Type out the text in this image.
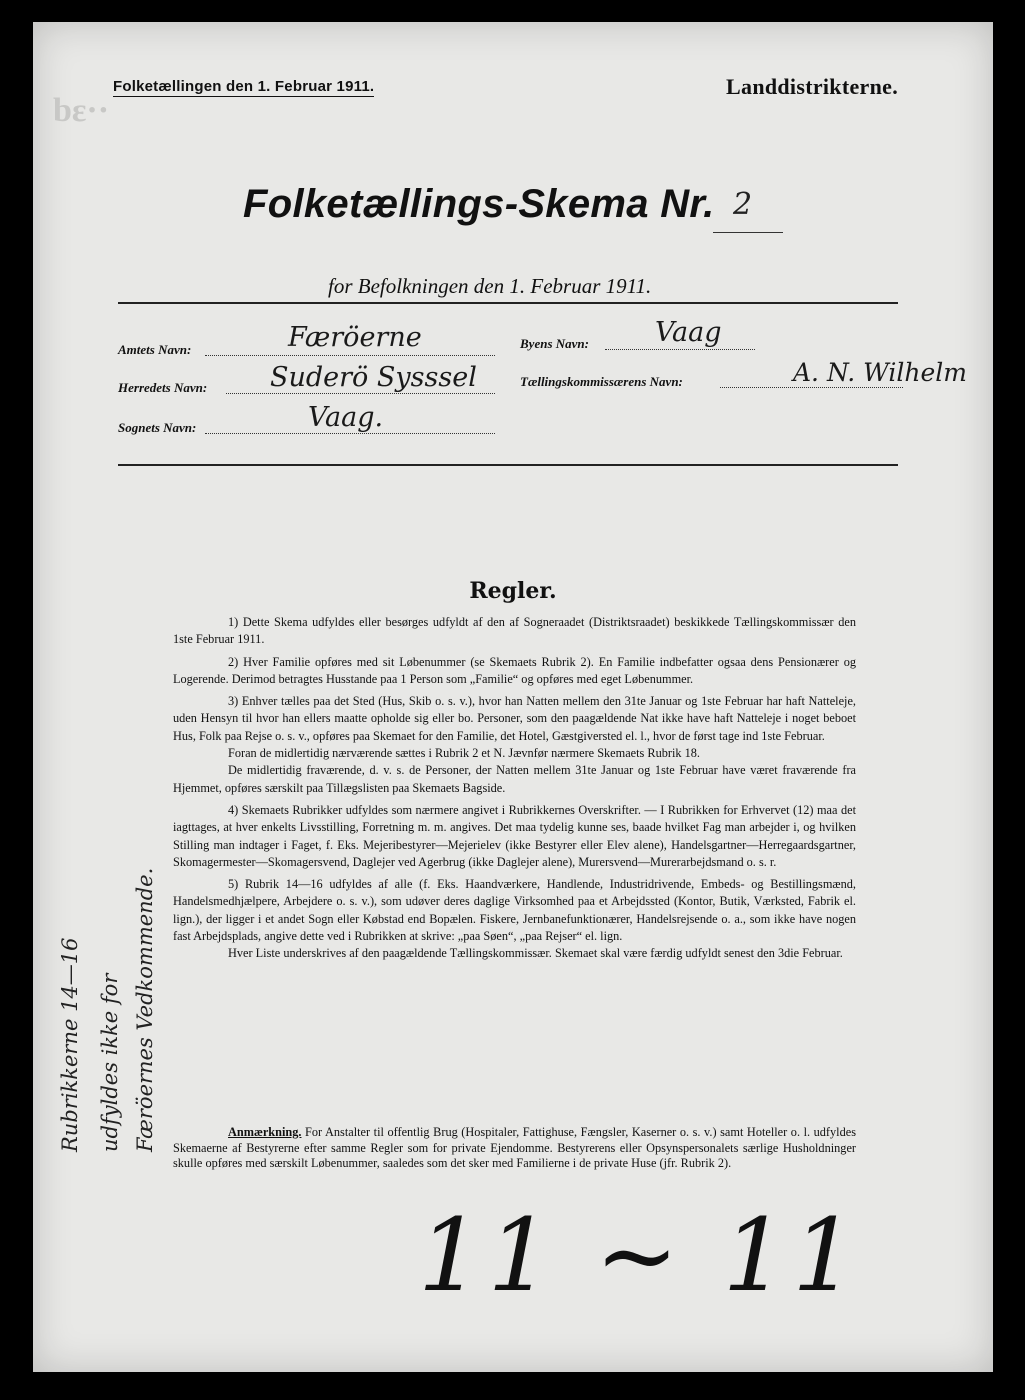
bε··
Folketællingen den 1. Februar 1911.	Landdistrikterne.
Folketællings-Skema Nr. 2
for Befolkningen den 1. Februar 1911.
Amtets Navn:	Færöerne	Byens Navn: Vaag
Herredets Navn: Suderö Sysssel	Tællingskommissærens Navn:	A. N. Wilhelm
Sognets Navn:	Vaag.
Regler.

1) Dette Skema udfyldes eller besørges udfyldt af den af Sogneraadet (Distriktsraadet) beskikkede Tællingskommissær den 1ste Februar 1911.

2) Hver Familie opføres med sit Løbenummer (se Skemaets Rubrik 2). En Familie indbefatter ogsaa dens Pensionærer og Logerende. Derimod betragtes Husstande paa 1 Person som „Familie“ og opføres med eget Løbenummer.

3) Enhver tælles paa det Sted (Hus, Skib o. s. v.), hvor han Natten mellem den 31te Januar og 1ste Februar har haft Natteleje, uden Hensyn til hvor han ellers maatte opholde sig eller bo. Personer, som den paagældende Nat ikke have haft Natteleje i noget beboet Hus, Folk paa Rejse o. s. v., opføres paa Skemaet for den Familie, det Hotel, Gæstgiversted el. l., hvor de først tage ind 1ste Februar.

Foran de midlertidig nærværende sættes i Rubrik 2 et N. Jævnfør nærmere Skemaets Rubrik 18.

De midlertidig fraværende, d. v. s. de Personer, der Natten mellem 31te Januar og 1ste Februar have været fraværende fra Hjemmet, opføres særskilt paa Tillægslisten paa Skemaets Bagside.

4) Skemaets Rubrikker udfyldes som nærmere angivet i Rubrikkernes Overskrifter. — I Rubrikken for Erhvervet (12) maa det iagttages, at hver enkelts Livsstilling, Forretning m. m. angives. Det maa tydelig kunne ses, baade hvilket Fag man arbejder i, og hvilken Stilling man indtager i Faget, f. Eks. Mejeribestyrer—Mejerielev (ikke Bestyrer eller Elev alene), Handelsgartner—Herregaardsgartner, Skomagermester—Skomagersvend, Daglejer ved Agerbrug (ikke Daglejer alene), Murersvend—Murerarbejdsmand o. s. r.

5) Rubrik 14—16 udfyldes af alle (f. Eks. Haandværkere, Handlende, Industridrivende, Embeds- og Bestillingsmænd, Handelsmedhjælpere, Arbejdere o. s. v.), som udøver deres daglige Virksomhed paa et Arbejdssted (Kontor, Butik, Værksted, Fabrik el. lign.), der ligger i et andet Sogn eller Købstad end Bopælen. Fiskere, Jernbanefunktionærer, Handelsrejsende o. a., som ikke have nogen fast Arbejdsplads, angive dette ved i Rubrikken at skrive: „paa Søen“, „paa Rejser“ el. lign.

Hver Liste underskrives af den paagældende Tællingskommissær. Skemaet skal være færdig udfyldt senest den 3die Februar.

Anmærkning. For Anstalter til offentlig Brug (Hospitaler, Fattighuse, Fængsler, Kaserner o. s. v.) samt Hoteller o. l. udfyldes Skemaerne af Bestyrerne efter samme Regler som for private Ejendomme. Bestyrerens eller Opsynspersonalets særlige Husholdninger skulle opføres med særskilt Løbenummer, saaledes som det sker med Familierne i de private Huse (jfr. Rubrik 2).
Rubrikkerne 14—16 udfyldes ikke for Færöernes Vedkommende.
11 ~ 11
